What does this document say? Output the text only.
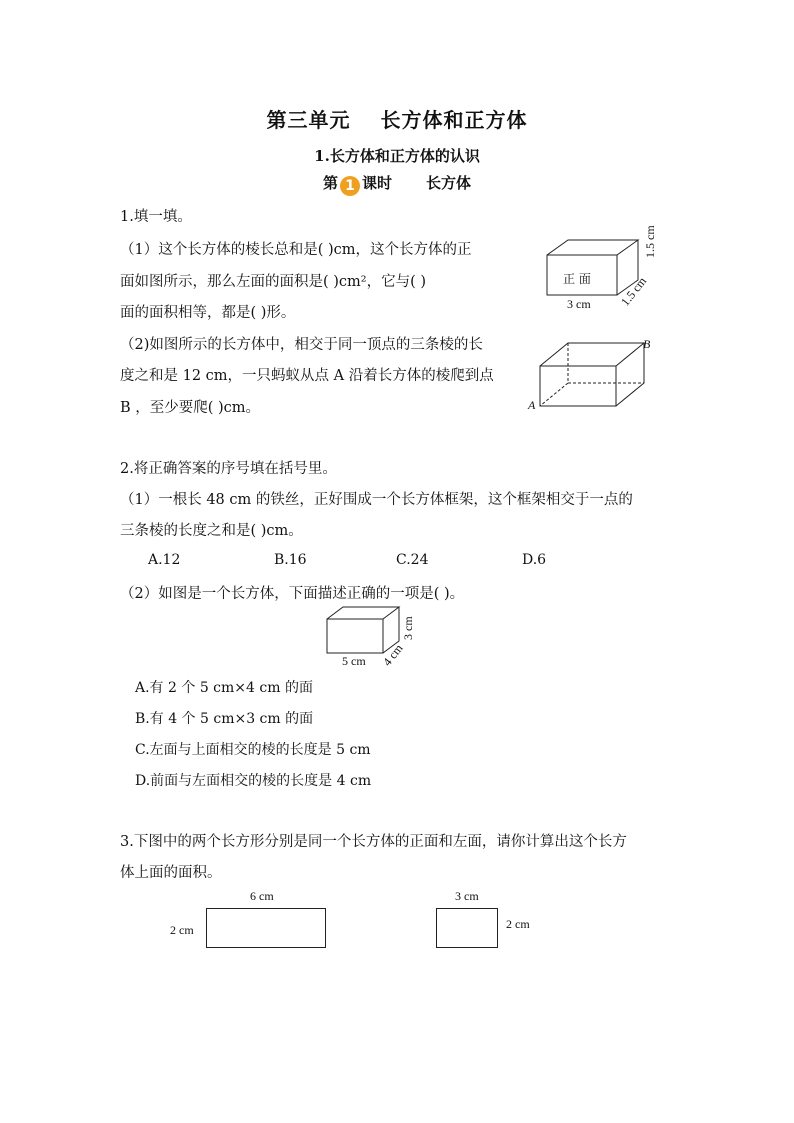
第三单元 长方体和正方体
1.长方体和正方体的认识
第 1 课时 长方体
1.填一填。
（1）这个长方体的棱长总和是( )cm，这个长方体的正
面如图所示，那么左面的面积是( )cm²，它与( )
面的面积相等，都是( )形。
正 面
3 cm
1.5 cm
1.5 cm
（2)如图所示的长方体中，相交于同一顶点的三条棱的长
度之和是 12 cm，一只蚂蚁从点 A 沿着长方体的棱爬到点
B ，至少要爬( )cm。	A
B
2.将正确答案的序号填在括号里。
（1）一根长 48 cm 的铁丝，正好围成一个长方体框架，这个框架相交于一点的
三条棱的长度之和是( )cm。
A.12	B.16	C.24	D.6
（2）如图是一个长方体，下面描述正确的一项是( )。
5 cm
3 cm
4 cm
A.有 2 个 5 cm×4 cm 的面
B.有 4 个 5 cm×3 cm 的面
C.左面与上面相交的棱的长度是 5 cm
D.前面与左面相交的棱的长度是 4 cm
3.下图中的两个长方形分别是同一个长方体的正面和左面，请你计算出这个长方
体上面的面积。
6 cm
2 cm
3 cm
2 cm
